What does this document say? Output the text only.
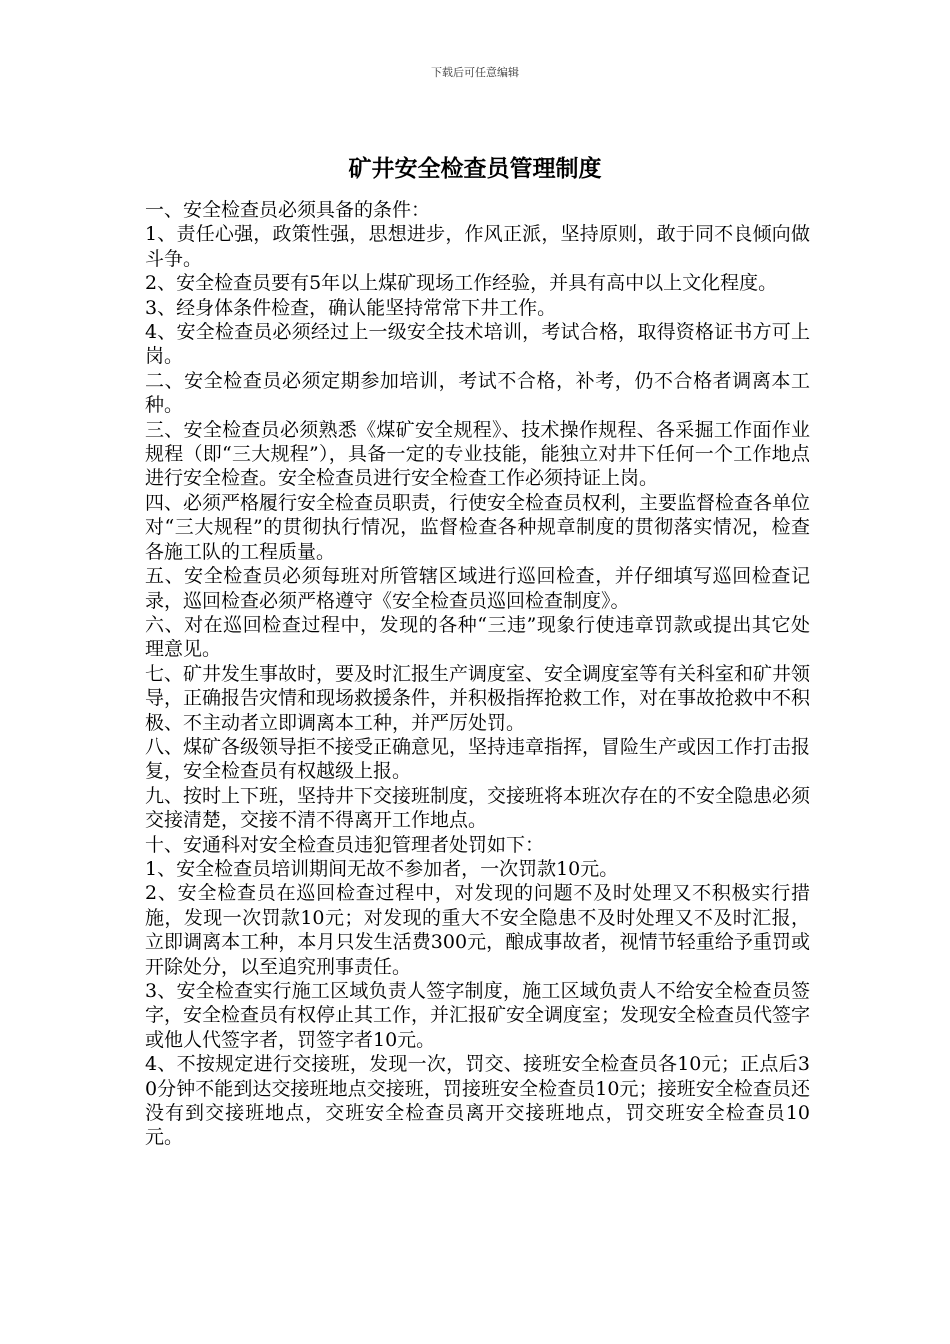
下载后可任意编辑
矿井安全检查员管理制度

一、安全检查员必须具备的条件：

1、责任心强，政策性强，思想进步，作风正派，坚持原则，敢于同不良倾向做斗争。

2、安全检查员要有5年以上煤矿现场工作经验，并具有高中以上文化程度。

3、经身体条件检查，确认能坚持常常下井工作。

4、安全检查员必须经过上一级安全技术培训，考试合格，取得资格证书方可上岗。

二、安全检查员必须定期参加培训，考试不合格，补考，仍不合格者调离本工种。

三、安全检查员必须熟悉《煤矿安全规程》、技术操作规程、各采掘工作面作业规程（即“三大规程”），具备一定的专业技能，能独立对井下任何一个工作地点进行安全检查。安全检查员进行安全检查工作必须持证上岗。

四、必须严格履行安全检查员职责，行使安全检查员权利，主要监督检查各单位对“三大规程”的贯彻执行情况，监督检查各种规章制度的贯彻落实情况，检查各施工队的工程质量。

五、安全检查员必须每班对所管辖区域进行巡回检查，并仔细填写巡回检查记录，巡回检查必须严格遵守《安全检查员巡回检查制度》。

六、对在巡回检查过程中，发现的各种“三违”现象行使违章罚款或提出其它处理意见。

七、矿井发生事故时，要及时汇报生产调度室、安全调度室等有关科室和矿井领导，正确报告灾情和现场救援条件，并积极指挥抢救工作，对在事故抢救中不积极、不主动者立即调离本工种，并严厉处罚。

八、煤矿各级领导拒不接受正确意见，坚持违章指挥，冒险生产或因工作打击报复，安全检查员有权越级上报。

九、按时上下班，坚持井下交接班制度，交接班将本班次存在的不安全隐患必须交接清楚，交接不清不得离开工作地点。

十、安通科对安全检查员违犯管理者处罚如下：

1、安全检查员培训期间无故不参加者，一次罚款10元。

2、安全检查员在巡回检查过程中，对发现的问题不及时处理又不积极实行措施，发现一次罚款10元；对发现的重大不安全隐患不及时处理又不及时汇报，立即调离本工种，本月只发生活费300元，酿成事故者，视情节轻重给予重罚或开除处分，以至追究刑事责任。

3、安全检查实行施工区域负责人签字制度，施工区域负责人不给安全检查员签字，安全检查员有权停止其工作，并汇报矿安全调度室；发现安全检查员代签字或他人代签字者，罚签字者10元。

4、不按规定进行交接班，发现一次，罚交、接班安全检查员各10元；正点后30分钟不能到达交接班地点交接班，罚接班安全检查员10元；接班安全检查员还没有到交接班地点，交班安全检查员离开交接班地点，罚交班安全检查员10元。
